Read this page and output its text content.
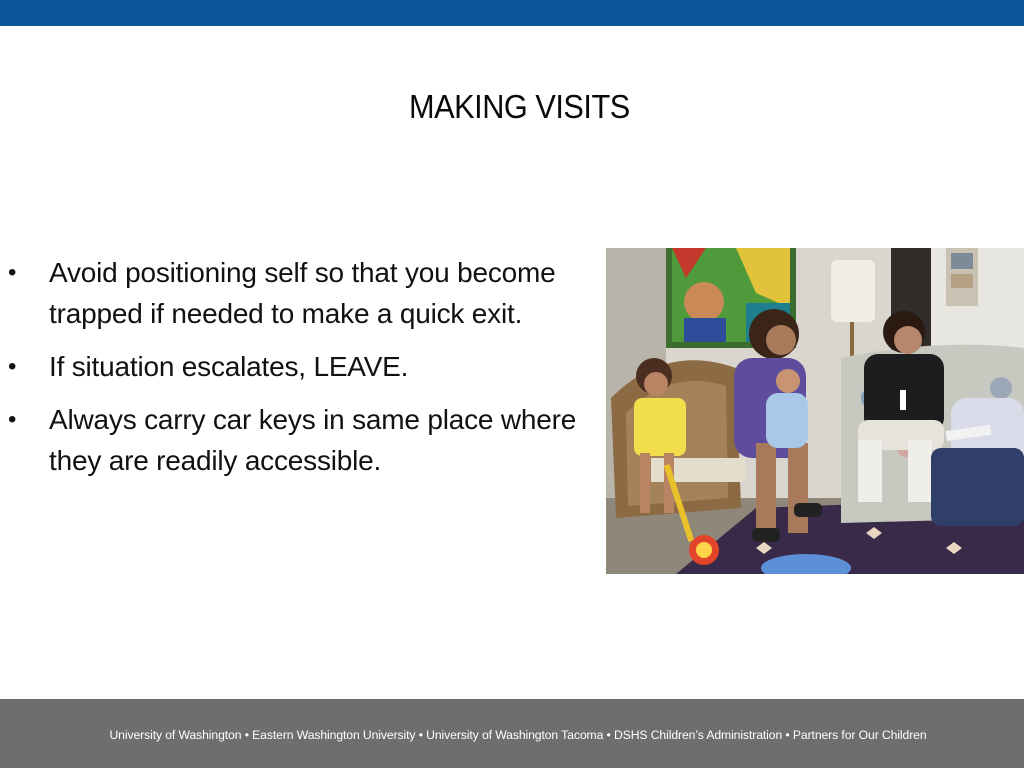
MAKING VISITS
•	Avoid positioning self so that you become trapped if needed to make a quick exit.
•	If situation escalates, LEAVE.
•	Always carry car keys in same place where they are readily accessible.
University of Washington • Eastern Washington University • University of Washington Tacoma • DSHS Children’s Administration • Partners for Our Children
